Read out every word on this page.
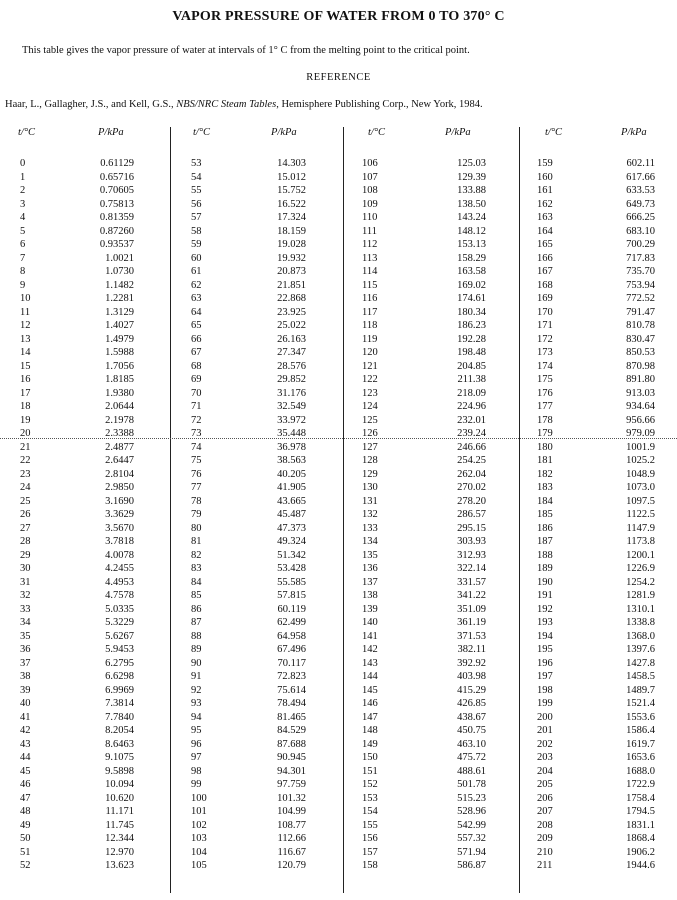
VAPOR PRESSURE OF WATER FROM 0 TO 370° C
This table gives the vapor pressure of water at intervals of 1° C from the melting point to the critical point.
REFERENCE
Haar, L., Gallagher, J.S., and Kell, G.S., NBS/NRC Steam Tables, Hemisphere Publishing Corp., New York, 1984.
t/°C	P/kPa
0	0.61129
1	0.65716
2	0.70605
3	0.75813
4	0.81359
5	0.87260
6	0.93537
7	1.0021
8	1.0730
9	1.1482
10	1.2281
11	1.3129
12	1.4027
13	1.4979
14	1.5988
15	1.7056
16	1.8185
17	1.9380
18	2.0644
19	2.1978
20	2.3388
21	2.4877
22	2.6447
23	2.8104
24	2.9850
25	3.1690
26	3.3629
27	3.5670
28	3.7818
29	4.0078
30	4.2455
31	4.4953
32	4.7578
33	5.0335
34	5.3229
35	5.6267
36	5.9453
37	6.2795
38	6.6298
39	6.9969
40	7.3814
41	7.7840
42	8.2054
43	8.6463
44	9.1075
45	9.5898
46	10.094
47	10.620
48	11.171
49	11.745
50	12.344
51	12.970
52	13.623
t/°C	P/kPa
53	14.303
54	15.012
55	15.752
56	16.522
57	17.324
58	18.159
59	19.028
60	19.932
61	20.873
62	21.851
63	22.868
64	23.925
65	25.022
66	26.163
67	27.347
68	28.576
69	29.852
70	31.176
71	32.549
72	33.972
73	35.448
74	36.978
75	38.563
76	40.205
77	41.905
78	43.665
79	45.487
80	47.373
81	49.324
82	51.342
83	53.428
84	55.585
85	57.815
86	60.119
87	62.499
88	64.958
89	67.496
90	70.117
91	72.823
92	75.614
93	78.494
94	81.465
95	84.529
96	87.688
97	90.945
98	94.301
99	97.759
100	101.32
101	104.99
102	108.77
103	112.66
104	116.67
105	120.79
t/°C	P/kPa
106	125.03
107	129.39
108	133.88
109	138.50
110	143.24
111	148.12
112	153.13
113	158.29
114	163.58
115	169.02
116	174.61
117	180.34
118	186.23
119	192.28
120	198.48
121	204.85
122	211.38
123	218.09
124	224.96
125	232.01
126	239.24
127	246.66
128	254.25
129	262.04
130	270.02
131	278.20
132	286.57
133	295.15
134	303.93
135	312.93
136	322.14
137	331.57
138	341.22
139	351.09
140	361.19
141	371.53
142	382.11
143	392.92
144	403.98
145	415.29
146	426.85
147	438.67
148	450.75
149	463.10
150	475.72
151	488.61
152	501.78
153	515.23
154	528.96
155	542.99
156	557.32
157	571.94
158	586.87
t/°C	P/kPa
159	602.11
160	617.66
161	633.53
162	649.73
163	666.25
164	683.10
165	700.29
166	717.83
167	735.70
168	753.94
169	772.52
170	791.47
171	810.78
172	830.47
173	850.53
174	870.98
175	891.80
176	913.03
177	934.64
178	956.66
179	979.09
180	1001.9
181	1025.2
182	1048.9
183	1073.0
184	1097.5
185	1122.5
186	1147.9
187	1173.8
188	1200.1
189	1226.9
190	1254.2
191	1281.9
192	1310.1
193	1338.8
194	1368.0
195	1397.6
196	1427.8
197	1458.5
198	1489.7
199	1521.4
200	1553.6
201	1586.4
202	1619.7
203	1653.6
204	1688.0
205	1722.9
206	1758.4
207	1794.5
208	1831.1
209	1868.4
210	1906.2
211	1944.6
